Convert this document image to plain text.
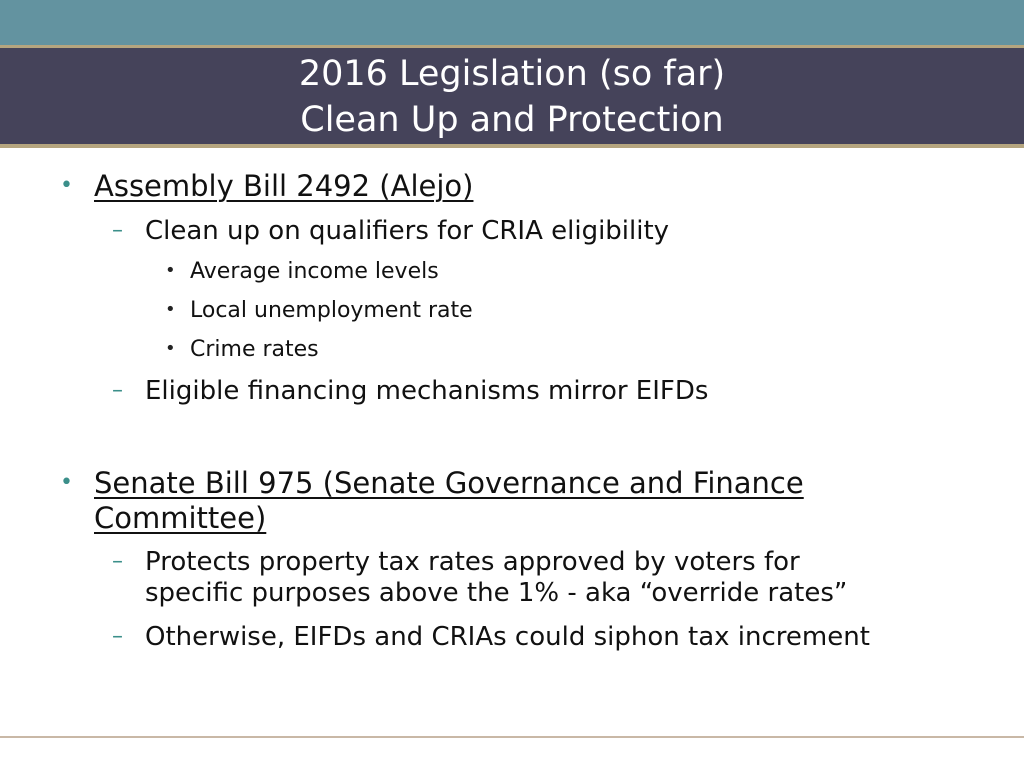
2016 Legislation (so far)
Clean Up and Protection
• Assembly Bill 2492 (Alejo)
– Clean up on qualifiers for CRIA eligibility
• Average income levels
• Local unemployment rate
• Crime rates
– Eligible financing mechanisms mirror EIFDs
• Senate Bill 975 (Senate Governance and Finance
Committee)
– Protects property tax rates approved by voters for
specific purposes above the 1% - aka “override rates”
– Otherwise, EIFDs and CRIAs could siphon tax increment
